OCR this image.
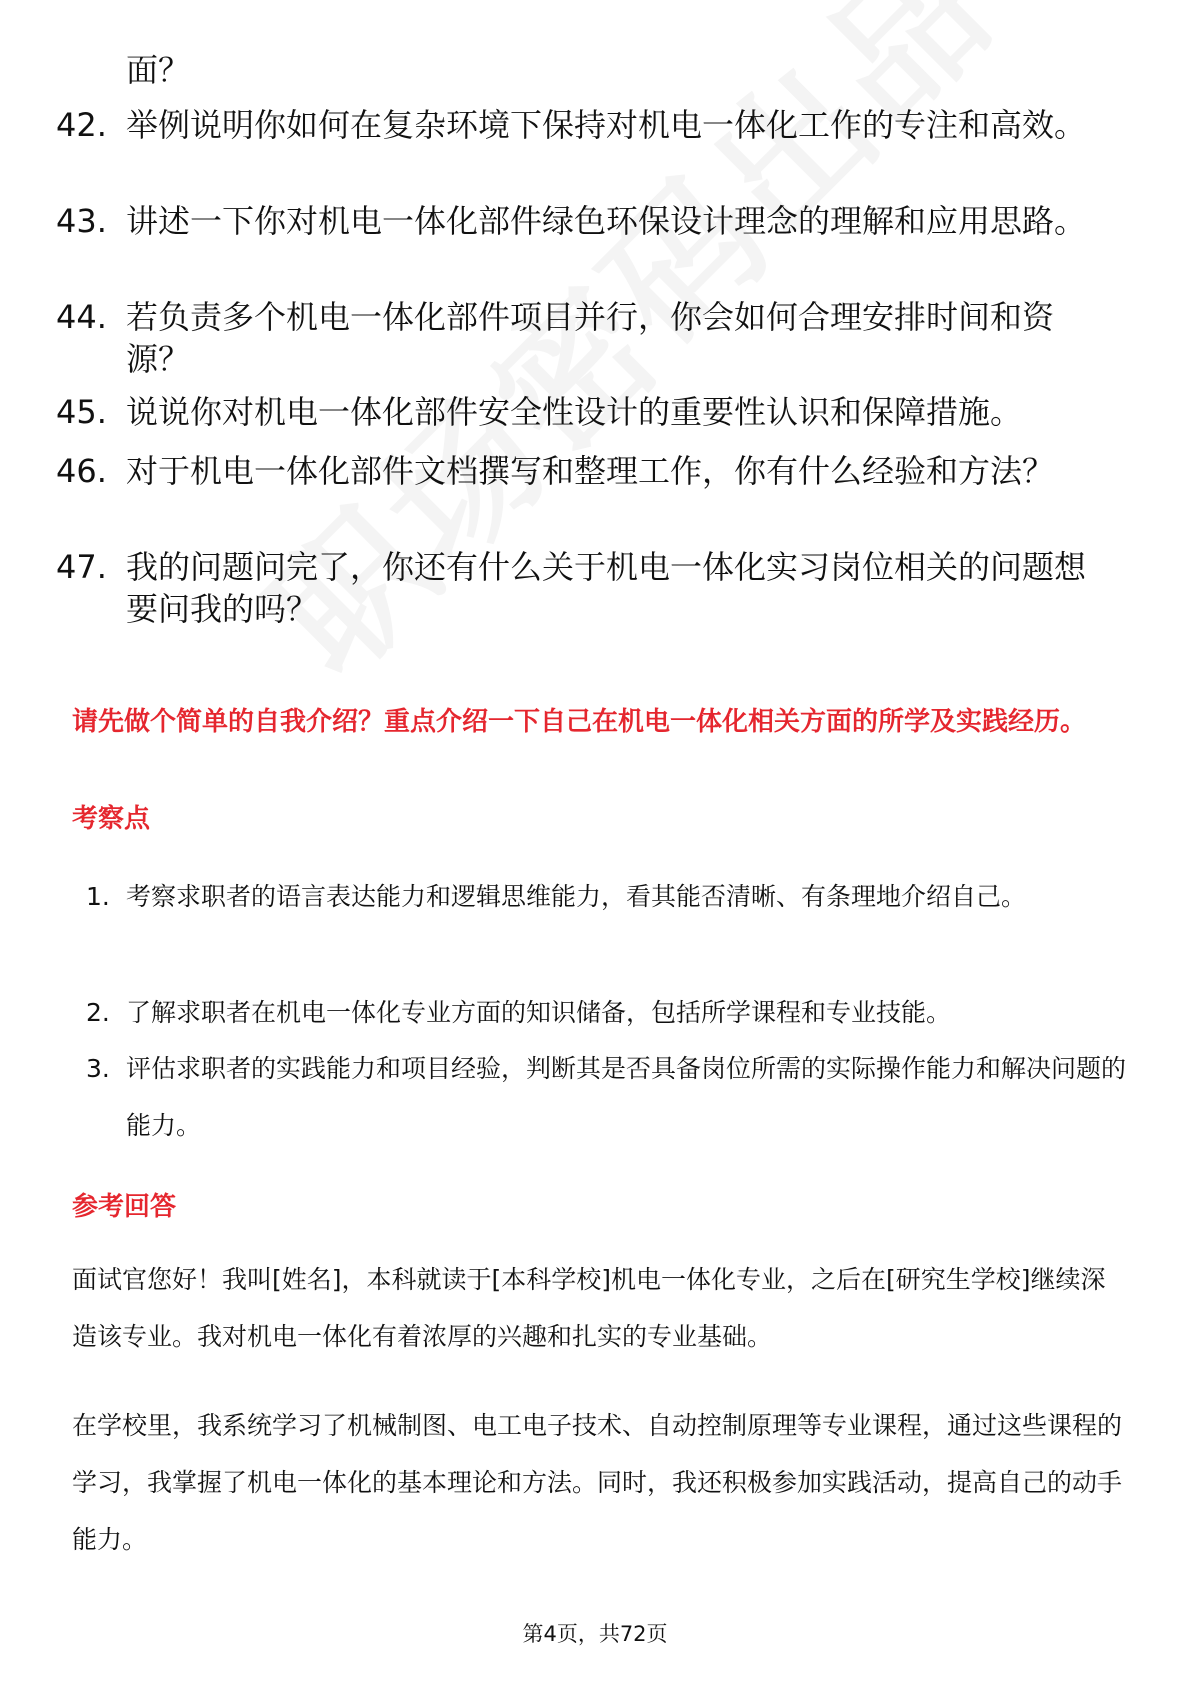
面？
42. 举例说明你如何在复杂环境下保持对机电一体化工作的专注和高效。
43. 讲述一下你对机电一体化部件绿色环保设计理念的理解和应用思路。
44. 若负责多个机电一体化部件项目并行，你会如何合理安排时间和资源？
45. 说说你对机电一体化部件安全性设计的重要性认识和保障措施。
46. 对于机电一体化部件文档撰写和整理工作，你有什么经验和方法？
47. 我的问题问完了，你还有什么关于机电一体化实习岗位相关的问题想要问我的吗？
请先做个简单的自我介绍？重点介绍一下自己在机电一体化相关方面的所学及实践经历。
考察点
1. 考察求职者的语言表达能力和逻辑思维能力，看其能否清晰、有条理地介绍自己。
2. 了解求职者在机电一体化专业方面的知识储备，包括所学课程和专业技能。
3. 评估求职者的实践能力和项目经验，判断其是否具备岗位所需的实际操作能力和解决问题的能力。
参考回答
面试官您好！我叫[姓名]，本科就读于[本科学校]机电一体化专业，之后在[研究生学校]继续深造该专业。我对机电一体化有着浓厚的兴趣和扎实的专业基础。
在学校里，我系统学习了机械制图、电工电子技术、自动控制原理等专业课程，通过这些课程的学习，我掌握了机电一体化的基本理论和方法。同时，我还积极参加实践活动，提高自己的动手能力。
第4页，共72页
